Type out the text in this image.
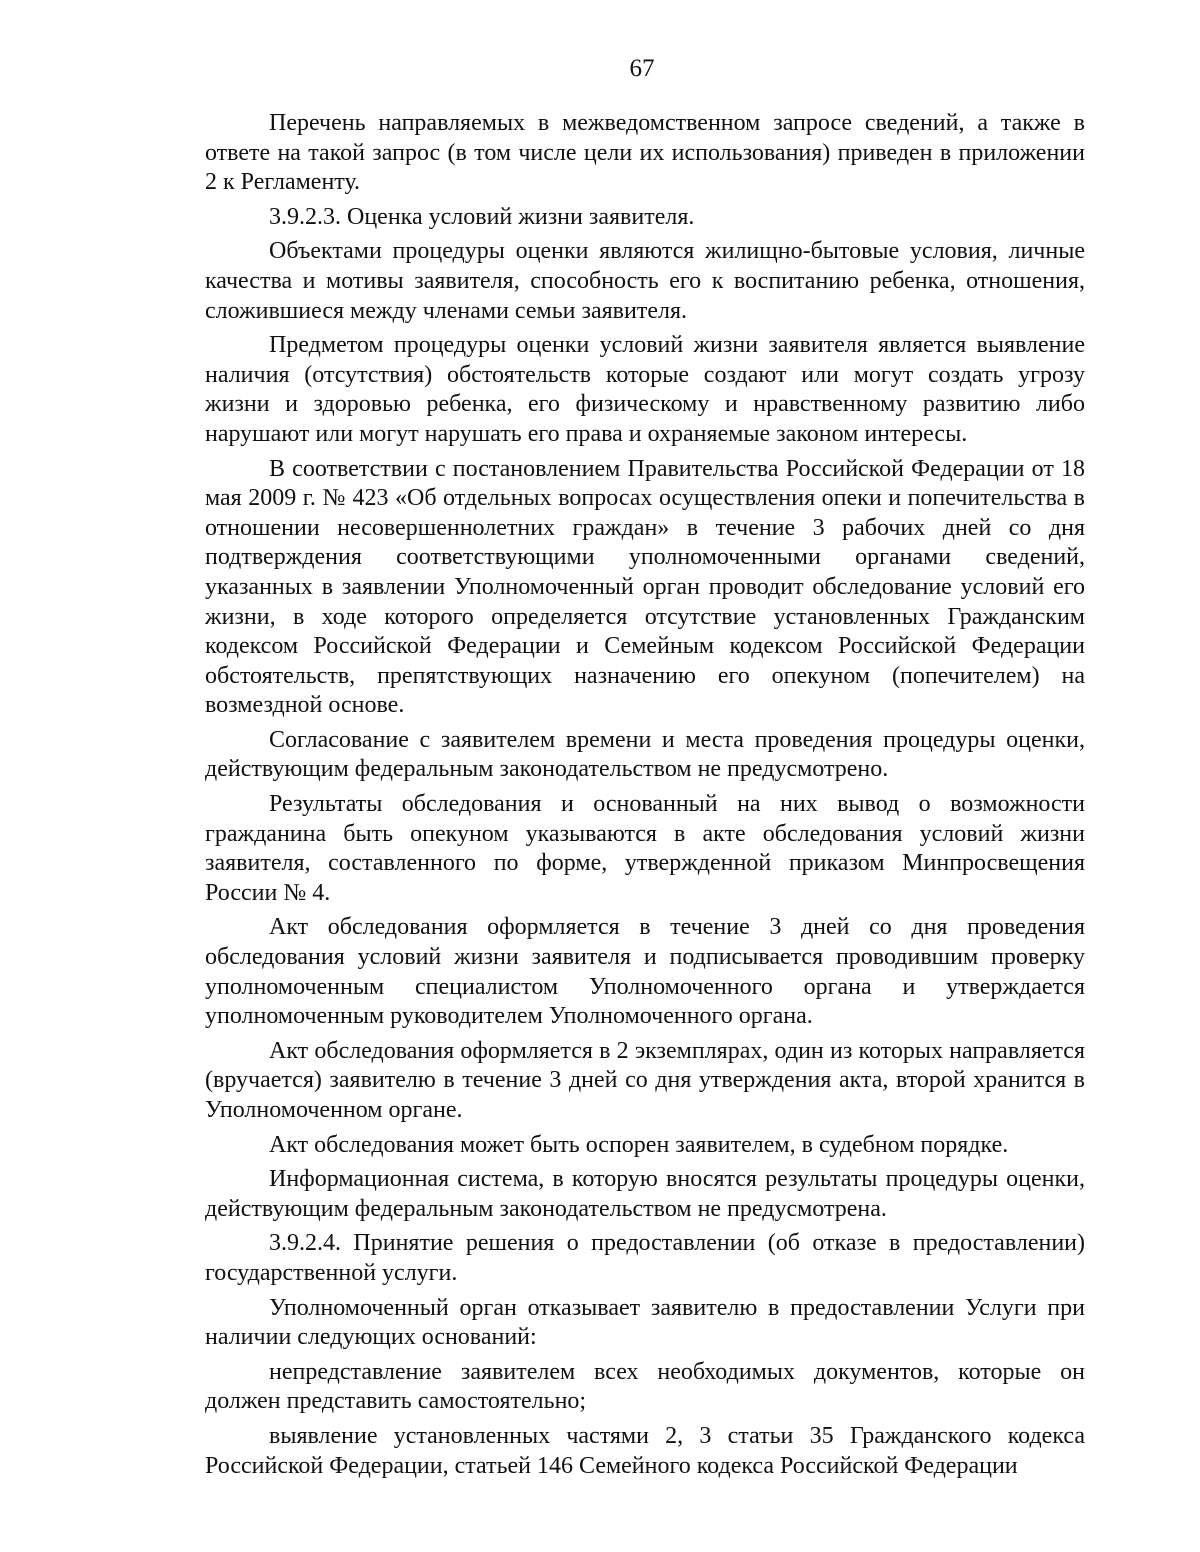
67

Перечень направляемых в межведомственном запросе сведений, а также в ответе на такой запрос (в том числе цели их использования) приведен в приложении 2 к Регламенту.

3.9.2.3. Оценка условий жизни заявителя.

Объектами процедуры оценки являются жилищно-бытовые условия, личные качества и мотивы заявителя, способность его к воспитанию ребенка, отношения, сложившиеся между членами семьи заявителя.

Предметом процедуры оценки условий жизни заявителя является выявление наличия (отсутствия) обстоятельств которые создают или могут создать угрозу жизни и здоровью ребенка, его физическому и нравственному развитию либо нарушают или могут нарушать его права и охраняемые законом интересы.

В соответствии с постановлением Правительства Российской Федерации от 18 мая 2009 г. № 423 «Об отдельных вопросах осуществления опеки и попечительства в отношении несовершеннолетних граждан» в течение 3 рабочих дней со дня подтверждения соответствующими уполномоченными органами сведений, указанных в заявлении Уполномоченный орган проводит обследование условий его жизни, в ходе которого определяется отсутствие установленных Гражданским кодексом Российской Федерации и Семейным кодексом Российской Федерации обстоятельств, препятствующих назначению его опекуном (попечителем) на возмездной основе.

Согласование с заявителем времени и места проведения процедуры оценки, действующим федеральным законодательством не предусмотрено.

Результаты обследования и основанный на них вывод о возможности гражданина быть опекуном указываются в акте обследования условий жизни заявителя, составленного по форме, утвержденной приказом Минпросвещения России № 4.

Акт обследования оформляется в течение 3 дней со дня проведения обследования условий жизни заявителя и подписывается проводившим проверку уполномоченным специалистом Уполномоченного органа и утверждается уполномоченным руководителем Уполномоченного органа.

Акт обследования оформляется в 2 экземплярах, один из которых направляется (вручается) заявителю в течение 3 дней со дня утверждения акта, второй хранится в Уполномоченном органе.

Акт обследования может быть оспорен заявителем, в судебном порядке.

Информационная система, в которую вносятся результаты процедуры оценки, действующим федеральным законодательством не предусмотрена.

3.9.2.4. Принятие решения о предоставлении (об отказе в предоставлении) государственной услуги.

Уполномоченный орган отказывает заявителю в предоставлении Услуги при наличии следующих оснований:

непредставление заявителем всех необходимых документов, которые он должен представить самостоятельно;

выявление установленных частями 2, 3 статьи 35 Гражданского кодекса Российской Федерации, статьей 146 Семейного кодекса Российской Федерации
